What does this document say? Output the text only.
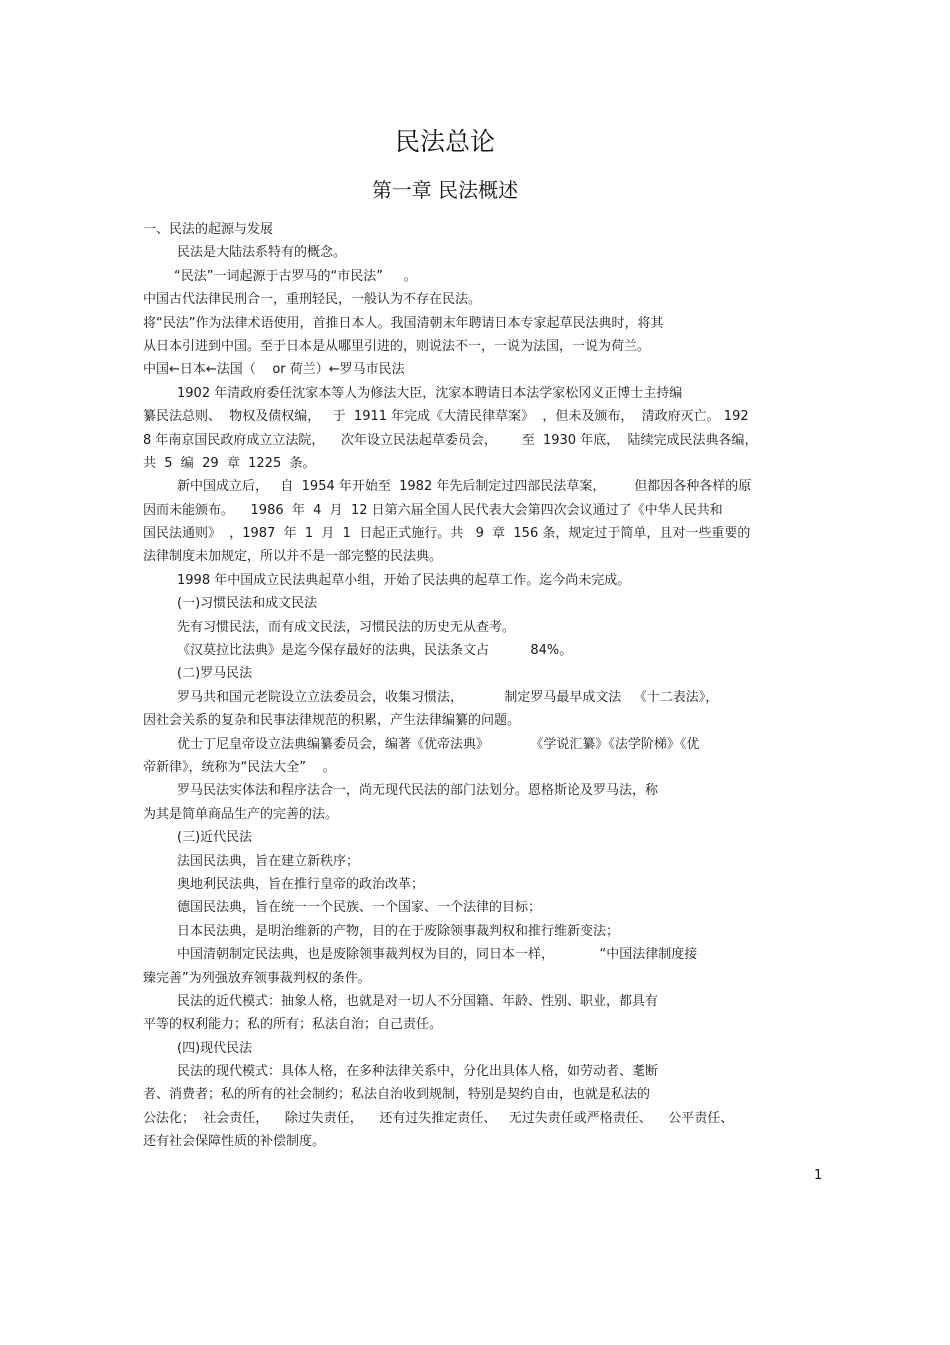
民法总论
第一章 民法概述
一、民法的起源与发展
民法是大陆法系特有的概念。
“民法”一词起源于古罗马的“市民法”     。
中国古代法律民刑合一，重刑轻民，一般认为不存在民法。
将“民法”作为法律术语使用，首推日本人。我国清朝末年聘请日本专家起草民法典时，将其
从日本引进到中国。至于日本是从哪里引进的，则说法不一，一说为法国，一说为荷兰。
中国←日本←法国（    or 荷兰）←罗马市民法
1902 年清政府委任沈家本等人为修法大臣，沈家本聘请日本法学家松冈义正博士主持编
纂民法总则、  物权及债权编，   于  1911 年完成《大清民律草案》  ，但未及颁布，  清政府灭亡。 192
8 年南京国民政府成立立法院，    次年设立民法起草委员会，      至  1930 年底，  陆续完成民法典各编，
共  5  编  29  章  1225  条。
新中国成立后，   自  1954 年开始至  1982 年先后制定过四部民法草案，       但都因各种各样的原
因而未能颁布。    1986  年  4  月  12 日第六届全国人民代表大会第四次会议通过了《中华人民共和
国民法通则》  ，1987  年  1  月  1  日起正式施行。共   9  章  156 条，规定过于简单，且对一些重要的
法律制度未加规定，所以并不是一部完整的民法典。
1998 年中国成立民法典起草小组，开始了民法典的起草工作。迄今尚未完成。
(一)习惯民法和成文民法
先有习惯民法，而有成文民法，习惯民法的历史无从查考。
《汉莫拉比法典》是迄今保存最好的法典，民法条文占          84%。
(二)罗马民法
罗马共和国元老院设立立法委员会，收集习惯法，          制定罗马最早成文法   《十二表法》，
因社会关系的复杂和民事法律规范的积累，产生法律编纂的问题。
优士丁尼皇帝设立法典编纂委员会，编著《优帝法典》          《学说汇纂》《法学阶梯》《优
帝新律》，统称为“民法大全”    。
罗马民法实体法和程序法合一，尚无现代民法的部门法划分。恩格斯论及罗马法，称
为其是简单商品生产的完善的法。
(三)近代民法
法国民法典，旨在建立新秩序；
奥地利民法典，旨在推行皇帝的政治改革；
德国民法典，旨在统一一个民族、一个国家、一个法律的目标；
日本民法典，是明治维新的产物，目的在于废除领事裁判权和推行维新变法；
中国清朝制定民法典，也是废除领事裁判权为目的，同日本一样，           “中国法律制度接
臻完善”为列强放弃领事裁判权的条件。
民法的近代模式：抽象人格，也就是对一切人不分国籍、年龄、性别、职业，都具有
平等的权利能力；私的所有；私法自治；自己责任。
(四)现代民法
民法的现代模式：具体人格，在多种法律关系中，分化出具体人格，如劳动者、耄断
者、消费者；私的所有的社会制约；私法自治收到规制，特别是契约自由，也就是私法的
公法化；  社会责任，    除过失责任，    还有过失推定责任、   无过失责任或严格责任、    公平责任、
还有社会保障性质的补偿制度。
1
